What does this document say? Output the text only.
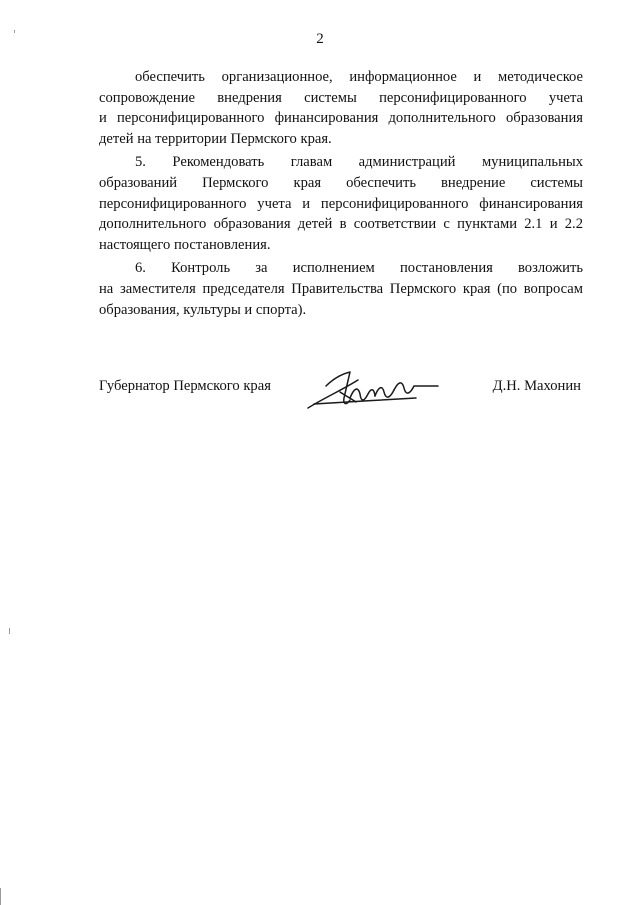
2
обеспечить организационное, информационное и методическое
сопровождение внедрения системы персонифицированного учета
и персонифицированного финансирования дополнительного образования
детей на территории Пермского края.
5. Рекомендовать главам администраций муниципальных
образований Пермского края обеспечить внедрение системы
персонифицированного учета и персонифицированного финансирования
дополнительного образования детей в соответствии с пунктами 2.1 и 2.2
настоящего постановления.
6. Контроль за исполнением постановления возложить
на заместителя председателя Правительства Пермского края (по вопросам
образования, культуры и спорта).
Губернатор Пермского края	Д.Н. Махонин
